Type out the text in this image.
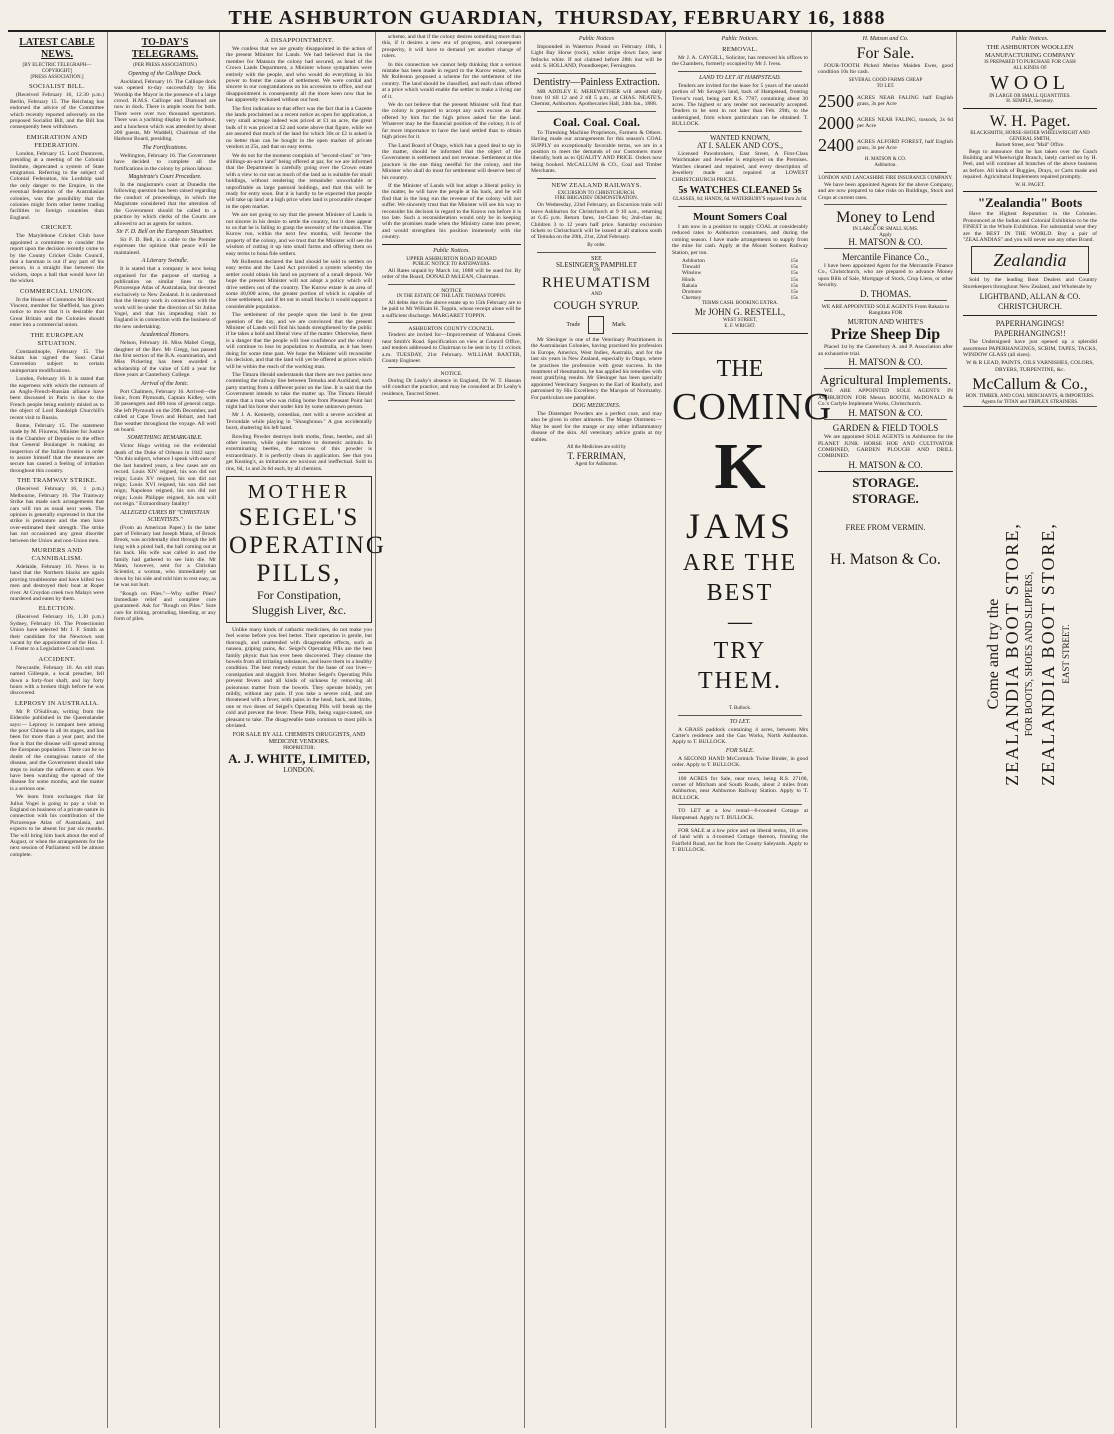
THE ASHBURTON GUARDIAN, THURSDAY, FEBRUARY 16, 1888
LATEST CABLE NEWS.
[BY ELECTRIC TELEGRAPH—COPYRIGHT]
[PRESS ASSOCIATION.]
SOCIALIST BILL.

(Received February 16, 12.30 p.m.) Berlin, February 15. The Reichstag has endorsed the advice of the Committee which recently reported adversely on the proposed Socialist Bill, and the Bill has consequently been withdrawn.

EMIGRATION AND FEDERATION.

London, February 15. Lord Dunraven, presiding at a meeting of the Colonial Institute, deprecated a system of State emigration. Referring to the subject of Colonial Federation, his Lordship said the only danger to the Empire, in the eventual federation of the Australasian colonies, was the possibility that the colonies might form other better trading facilities to foreign countries than England.

CRICKET.

The Marylebone Cricket Club have appointed a committee to consider the report upon the decision recently come to by the County Cricket Clubs Council, that a barsman is out if any part of his person, in a straight line between the wickets, stops a ball that would have hit the wicket.

COMMERCIAL UNION.

In the House of Commons Mr Howard Vincent, member for Sheffield, has given notice to move that it is desirable that Great Britain and the Colonies should enter into a commercial union.

THE EUROPEAN SITUATION.

Constantinople, February 15. The Sultan has signed the Suez Canal Convention subject to certain unimportant modifications.

London, February 16. It is stated that the eagerness with which the rumours of an Anglo-French-Russian alliance have been discussed in Paris is due to the French people being entirely misled as to the object of Lord Randolph Churchill's recent visit to Russia.

Rome, February 15. The statement made by M. Fliurens, Minister for Justice in the Chamber of Deputies to the effect that General Boulanger is making an inspection of the Italian frontier in order to assure himself that the measures are secure has caused a feeling of irritation throughout this country.

THE TRAMWAY STRIKE.

(Received February 16, 1 p.m.) Melbourne, February 16. The Tramway Strike has made such arrangements that cars will run as usual next week. The opinion is generally expressed in that the strike is premature and the men have over-estimated their strength. The strike has not occasioned any great disorder between the Union and non-Union men.

MURDERS AND CANNIBALISM.

Adelaide, February 16. News is to hand that the Northern blacks are again proving troublesome and have killed two men and destroyed their boat at Roper river. At Croydon creek two Malays were murdered and eaten by them.

ELECTION.

(Received February 16, 1.30 p.m.) Sydney, February 16. The Protectionist Union have selected Mr J. F. Smith as their candidate for the Newtown seat vacant by the appointment of the Hon. J. J. Foster to a Legislative Council seat.

ACCIDENT.

Newcastle, February 16. An old man named Gillespie, a local preacher, fell down a forty-foot shaft, and lay forty hours with a broken thigh before he was discovered.

LEPROSY IN AUSTRALIA.

Mr P. O'Sullivan, writing from the Elderslie published in the Queenslander says:— Leprosy is rampant here among the poor Chinese in all its stages, and has been for more than a year past; and the fear is that the disease will spread among the European population. There can be no doubt of the contagious nature of the disease, and the Government should take steps to isolate the sufferers at once. We have been watching the spread of the disease for some months, and the matter is a serious one.

We learn from exchanges that Sir Julius Vogel is going to pay a visit to England on business of a private nature in connection with his contribution of the Picturesque Atlas of Australasia, and expects to be absent for just six months. The will bring him back about the end of August, or when the arrangements for the next session of Parliament will be almost complete.

TO-DAY'S TELEGRAMS.
(PER PRESS ASSOCIATION.)
Opening of the Calliope Dock.

Auckland, February 16. The Calliope dock was opened to-day successfully by His Worship the Mayor in the presence of a large crowd. H.M.S. Calliope and Diamond are now in dock. There is ample room for both. There were over two thousand spectators. There was a yachting display in the harbour, and a luncheon which was attended by about 200 guests, Mr Waddell, Chairman of the Harbour Board, presiding.

The Fortifications.

Wellington, February 16. The Government have decided to complete all the fortifications in the colony by prison labour.

Magistrate's Court Procedure.

In the magistrate's court at Dunedin the following question has been raised regarding the conduct of proceedings, in which the Magistrate considered that the attention of the Government should be called to a practice by which clerks of the Courts are allowed to act as agents for suitors.

Sir F. D. Bell on the European Situation.

Sir F. D. Bell, in a cable to the Premier expresses the opinion that peace will be maintained.

A Literary Swindle.

It is stated that a company is now being organised for the purpose of starting a publication on similar lines to the Picturesque Atlas of Australasia, but devoted exclusively to New Zealand. It is understood that the literary work in connection with the work will be under the direction of Sir Julius Vogel, and that his impending visit to England is in connection with the business of the new undertaking.

Academical Honors.

Nelson, February 16. Miss Mabel Gregg, daughter of the Rev. Mr Gregg, has passed the first section of the B.A. examination, and Miss Pickering has been awarded a scholarship of the value of £40 a year for three years at Canterbury College.

Arrival of the Ionic.

Port Chalmers, February 16. Arrived—the Ionic, from Plymouth, Captain Kidley, with 30 passengers and 400 tons of general cargo. She left Plymouth on the 29th December, and called at Cape Town and Hobart, and had fine weather throughout the voyage. All well on board.

SOMETHING REMARKABLE.

Victor Hugo writing on the evidential death of the Duke of Orleans in 1842 says: "On this subject, whence I speak with ease of the last hundred years, a few cases are on record. Louis XIV reigned, his son did not reign; Louis XV reigned, his son did not reign; Louis XVI reigned, his son did not reign; Napoleon reigned, his son did not reign; Louis Philippe reigned, his son will not reign." Extraordinary fatality!

ALLEGED CURES BY "CHRISTIAN SCIENTISTS."

(From an American Paper.) In the latter part of February last Joseph Mann, of Brook Brook, was accidentally shot through the left lung with a pistol ball, the ball coming out at his back. His wife was called in and the family had gathered to see him die. Mr Mann, however, sent for a Christian Scientist, a woman, who immediately sat down by his side and told him to rest easy, as he was not hurt.

"Rough on Piles."—Why suffer Piles? Immediate relief and complete cure guaranteed. Ask for "Rough on Piles." Sure cure for itching, protruding, bleeding, or any form of piles.

A DISAPPOINTMENT.

We confess that we are greatly disappointed in the action of the present Minister for Lands. We had believed that in the member for Mataura the colony had secured, as head of the Crown Lands Department, a Minister whose sympathies were entirely with the people, and who would do everything in his power to foster the cause of settlement. We were cordial and sincere in our congratulations on his accession to office, and our disappointment is consequently all the more keen now that he has apparently reckoned without our host.

The first indication to that effect was the fact that in a Gazette the lands proclaimed as a recent notice as open for application, a very small acreage indeed was priced at £1 an acre, the great bulk of it was priced at £2 and some above that figure, while we are assured that much of the land for which 30s or £2 is asked is no better than can be bought in the open market of private vendors at 25s, and that on easy terms.

We do not for the moment complain of "second-class" or "ten-shillings-an-acre land" being offered at par, for we are informed that the Department is carefully going over the Crown estate with a view to cut out as much of the land as is suitable for small holdings, without rendering the remainder unworkable or unprofitable as large pastoral holdings, and that this will be ready for entry soon. But it is hardly to be expected that people will take up land at a high price when land is procurable cheaper in the open market.

We are not going to say that the present Minister of Lands is not sincere in his desire to settle the country, but it does appear to us that he is failing to grasp the necessity of the situation. The Kurow run, within the next few months, will become the property of the colony, and we trust that the Minister will see the wisdom of cutting it up into small farms and offering them on easy terms to bona fide settlers.

Mr Rolleston declared the land should be sold to settlers on easy terms and the Land Act provided a system whereby the settler could obtain his land on payment of a small deposit. We hope the present Minister will not adopt a policy which will drive settlers out of the country. The Kurow estate is an area of some 40,000 acres, the greater portion of which is capable of close settlement, and if let out in small blocks it would support a considerable population.

The settlement of the people upon the land is the great question of the day, and we are convinced that the present Minister of Lands will find his hands strengthened by the public if he takes a bold and liberal view of the matter. Otherwise, there is a danger that the people will lose confidence and the colony will continue to lose its population to Australia, as it has been doing for some time past. We hope the Minister will reconsider his decision, and that the land will yet be offered at prices which will be within the reach of the working man.

The Timaru Herald understands that there are two parties now contesting the railway line between Temuka and Auckland, each party starting from a different point on the line. It is said that the Government intends to take the matter up. The Timaru Herald states that a man who was riding home from Pleasant Point last night had his horse shot under him by some unknown person.

Mr J. A. Kennedy, comedian, met with a severe accident at Teviotdale while playing in "Shaughraun." A gun accidentally burst, shattering his left hand.

Bowling Powder destroys both moths, fleas, beetles, and all other insects, while quite harmless to domestic animals. In exterminating beetles, the success of this powder is extraordinary. It is perfectly clean in application. See that you get Keating's, as imitations are noxious and ineffectual. Sold in tins, 6d, 1s and 2s 6d each, by all chemists.

MOTHER
SEIGEL'S
OPERATING
PILLS,
For Constipation,
Sluggish Liver, &c.

Unlike many kinds of cathartic medicines, do not make you feel worse before you feel better. Their operation is gentle, but thorough, and unattended with disagreeable effects, such as nausea, griping pains, &c. Seigel's Operating Pills are the best family physic that has ever been discovered. They cleanse the bowels from all irritating substances, and leave them in a healthy condition. The best remedy extant for the bane of our lives—constipation and sluggish liver. Mother Seigel's Operating Pills prevent fevers and all kinds of sickness by removing all poisonous matter from the bowels. They operate briskly, yet mildly, without any pain. If you take a severe cold, and are threatened with a fever, with pains in the head, back, and limbs, one or two doses of Seigel's Operating Pills will break up the cold and prevent the fever. These Pills, being sugar-coated, are pleasant to take. The disagreeable taste common to most pills is obviated.

FOR SALE BY ALL CHEMISTS DRUGGISTS, AND MEDICINE VENDORS.
PROPRIETOR:
A. J. WHITE, LIMITED,
LONDON.

scheme, and that if the colony desires something more than this, if it desires a new era of progress, and consequent prosperity, it will have to demand yet another change of rulers.

In this connection we cannot help thinking that a serious mistake has been made in regard to the Kurow estate, when Mr Rolleston proposed a scheme for the settlement of the country. The land should be classified, and each class offered at a price which would enable the settler to make a living out of it.

We do not believe that the present Minister will find that the colony is prepared to accept any such excuse as that offered by him for the high prices asked for the land. Whatever may be the financial position of the colony, it is of far more importance to have the land settled than to obtain high prices for it.

The Land Board of Otago, which has a good deal to say in the matter, should be informed that the object of the Government is settlement and not revenue. Settlement at this juncture is the one thing needful for the colony, and the Minister who shall do most for settlement will deserve best of his country.

If the Minister of Lands will but adopt a liberal policy in the matter, he will have the people at his back, and he will find that in the long run the revenue of the colony will not suffer. We sincerely trust that the Minister will see his way to reconsider his decision in regard to the Kurow run before it is too late. Such a reconsideration would only be in keeping with the promises made when the Ministry came into power, and would strengthen his position immensely with the country.

Public Notices.
UPPER ASHBURTON ROAD BOARD
PUBLIC NOTICE TO RATEPAYERS.

All Rates unpaid by March 1st, 1888 will be sued for. By order of the Board, DONALD McLEAN, Chairman.

NOTICE
IN THE ESTATE OF THE LATE THOMAS TOPPIN.

All debts due to the above estate up to 15th February are to be paid to Mr William H. Toppin, whose receipt alone will be a sufficient discharge. MARGARET TOPPIN.

ASHBURTON COUNTY COUNCIL.

Tenders are invited for—Improvement of Wakanui Creek near Smith's Road. Specification on view at Council Office, and tenders addressed to Chairman to be sent in by 11 o'clock a.m. TUESDAY, 21st February. WILLIAM BAXTER, County Engineer.

NOTICE.

During Dr Leahy's absence in England, Dr W. T. Hassan will conduct the practice, and may be consulted at Dr Leahy's residence, Tancred Street.

Public Notices

Impounded in Waterton Pound on February 16th, 1 Light Bay Horse (rock), white stripe down face, near fetlocks white. If not claimed before 28th inst will be sold. S. HOLLAND, Poundkeeper, Fernington.

Dentistry—Painless Extraction.

MR ADDLEY E. MEREWETHER will attend daily from 10 till 12 and 2 till 5 p.m., at CHAS. NEATE'S, Chemist, Ashburton. Apothecaries Hall, 24th Jan., 1888.

Coal. Coal. Coal.

To Threshing Machine Proprietors, Farmers & Others. Having made our arrangements for this season's COAL SUPPLY on exceptionally favorable terms, we are in a position to meet the demands of our Customers more liberally, both as to QUALITY AND PRICE. Orders now being booked. McCALLUM & CO., Coal and Timber Merchants.

NEW ZEALAND RAILWAYS.
EXCURSION TO CHRISTCHURCH.
FIRE BRIGADES' DEMONSTRATION.

On Wednesday, 22nd February, an Excursion train will leave Ashburton for Christchurch at 9 10 a.m., returning at 6.45 p.m. Return fares, 1st-Class 6s; 2nd-class 4s; Children 3 to 12 years half price. Saturday excursion tickets to Christchurch will be issued at all stations south of Temuka on the 20th, 21st, 22nd February.

By order.
SEE
SLESINGER'S PAMPHLET
ON
RHEUMATISM
AND
COUGH SYRUP.
Trade	Mark.

Mr Slesinger is one of the Veterinary Practitioners in the Australasian Colonies, having practised his profession in Europe, America, West Indies, Australia, and for the last six years in New Zealand, especially in Otago, where he practises the profession with great success. In the treatment of rheumatism, he has applied his remedies with most gratifying results. Mr Slesinger has been specially appointed Veterinary Surgeon to the Earl of Ranfurly, and patronised by His Excellency the Marquis of Normanby. For particulars see pamphlet.

DOG MEDICINES.

The Distemper Powders are a perfect cure, and may also be given in other ailments. The Mange Ointment.—May be used for the mange or any other inflammatory disease of the skin. All veterinary advice gratis at my stables.

All the Medicines are sold by
T. FERRIMAN,
Agent for Ashburton.
Public Notices.
REMOVAL.

Mr J. A. CAYGILL, Solicitor, has removed his offices to the Chambers, formerly occupied by Mr J. Ivess.

LAND TO LET AT HAMPSTEAD.

Tenders are invited for the lease for 5 years of the unsold portion of Mr Savage's land, back of Hampstead, fronting Trevor's road, being part R.S. 7787, containing about 30 acres. The highest or any tender not necessarily accepted. Tenders to be sent in not later than Feb. 29th, to the undersigned, from whom particulars can be obtained. T. BULLOCK.

WANTED KNOWN,
AT I. SALEK AND CO'S.,

Licensed Pawnbrokers, East Street, A First-Class Watchmaker and Jeweller is employed on the Premises. Watches cleaned and repaired, and every description of Jewellery made and repaired at LOWEST CHRISTCHURCH PRICES.

5s WATCHES CLEANED 5s
GLASSES, 6d; HANDS, 6d. WATERBURY'S repaired from 2s 6d.
Mount Somers Coal

I am now in a position to supply COAL at considerably reduced rates to Ashburton consumers, and during the coming season. I have made arrangements to supply from the mine for cash. Apply at the Mount Somers Railway Station, per ton.

Ashburton	15s
Tinwald	15s
Winslow	15s
Hinds	15s
Rakaia	15s
Dromore	15s
Chertsey	15s
TERMS CASH. BOOKING EXTRA.
Mr JOHN G. RESTELL,
WEST STREET,
E. F. WRIGHT.
THE
COMING
K
JAMS
ARE THE BEST
—
TRY THEM.
T. Bullock.
TO LET.

A GRASS paddock containing 4 acres, between Mrs Carter's residence and the Gas Works, North Ashburton. Apply to T. BULLOCK.

FOR SALE.

A SECOND HAND McCormick Twine Binder, in good order. Apply to T. BULLOCK.

100 ACRES for Sale, near town, being R.S. 27168, corner of Mitcham and South Roads, about 2 miles from Ashburton, near Ashburton Railway Station. Apply to T. BULLOCK.

TO LET at a low rental—6-roomed Cottage at Hampstead. Apply to T. BULLOCK.

FOR SALE at a low price and on liberal terms, 10 acres of land with a 4-roomed Cottage thereon, fronting the Fairfield Road, not far from the County Saleyards. Apply to T. BULLOCK.

H. Matson and Co.
For Sale.

FOUR-TOOTH Picked Merino Maiden Ewes, good condition 10s for cash.

SEVERAL GOOD FARMS CHEAP
TO LET.
2500 ACRES NEAR FALING half English grass, 3s per Acre
2000 ACRES NEAR FALING, tussock, 2s 6d per Acre
2400 ACRES ALFORD FOREST, half English grass, 3s per Acre
H. MATSON & CO.
Ashburton.
LONDON AND LANCASHIRE FIRE INSURANCE COMPANY.

We have been appointed Agents for the above Company, and are now prepared to take risks on Buildings, Stock and Crops at current rates.

Money to Lend
IN LARGE OR SMALL SUMS.
Apply
H. MATSON & CO.
Mercantile Finance Co.,

I have been appointed Agent for the Mercantile Finance Co., Christchurch, who are prepared to advance Money upon Bills of Sale, Mortgage of Stock, Crop Liens, or other Security.

D. THOMAS.

WE ARE APPOINTED SOLE AGENTS From Rakaia to Rangitata FOR

MURTON AND WHITE'S
Prize Sheep Dip

Placed 1st by the Canterbury A. and P. Association after an exhaustive trial.

H. MATSON & CO.
Agricultural Implements.

WE ARE APPOINTED SOLE AGENTS IN ASHBURTON FOR Messrs BOOTH, McDONALD & Co.'s Carlyle Implement Works, Christchurch.

H. MATSON & CO.
GARDEN & FIELD TOOLS

We are appointed SOLE AGENTS in Ashburton for the PLANET JUNR. HORSE HOE AND CULTIVATOR COMBINED, GARDEN PLOUGH AND DRILL COMBINED.

H. MATSON & CO.
STORAGE. STORAGE.
FREE FROM VERMIN.
H. Matson & Co.
Public Notices.
THE ASHBURTON WOOLLEN MANUFACTURING COMPANY
IS PREPARED TO PURCHASE FOR CASH
ALL KINDS OF
WOOL
IN LARGE OR SMALL QUANTITIES.
H. SEMPLE, Secretary.
W. H. Paget.
BLACKSMITH, HORSE-SHOER WHEELWRIGHT AND GENERAL SMITH,
Burnett Street, next "Mail" Office.

Begs to announce that he has taken over the Coach Building and Wheelwright Branch, lately carried on by H. Peel, and will continue all branches of the above business as before. All kinds of Buggies, Drays, or Carts made and repaired. Agricultural Implements repaired promptly.

W. H. PAGET.
"Zealandia" Boots

Have the Highest Reputation in the Colonies. Pronounced at the Indian and Colonial Exhibition to be the FINEST in the Whole Exhibition. For substantial wear they are the BEST IN THE WORLD. Buy a pair of "ZEALANDIAS" and you will never use any other Brand.

Zealandia

Sold by the leading Boot Dealers and Country Storekeepers throughout New Zealand, and Wholesale by

LIGHTBAND, ALLAN & CO.
CHRISTCHURCH.
PAPERHANGINGS! PAPERHANGINGS!!

The Undersigned have just opened up a splendid assortment PAPERHANGINGS, SCRIM, TAPES, TACKS, WINDOW GLASS (all sizes).

W & R LEAD, PAINTS, OILS VARNISHES, COLORS, DRYERS, TURPENTINE, &c.

McCallum & Co.,
BON. TIMBER, AND COAL MERCHANTS, & IMPORTERS.
Agents for TITAN and TRIPLEX STRAINERS.
Come and try the ZEALANDIA BOOT STORE, FOR BOOTS, SHOES AND SLIPPERS, ZEALANDIA BOOT STORE, EAST STREET.
